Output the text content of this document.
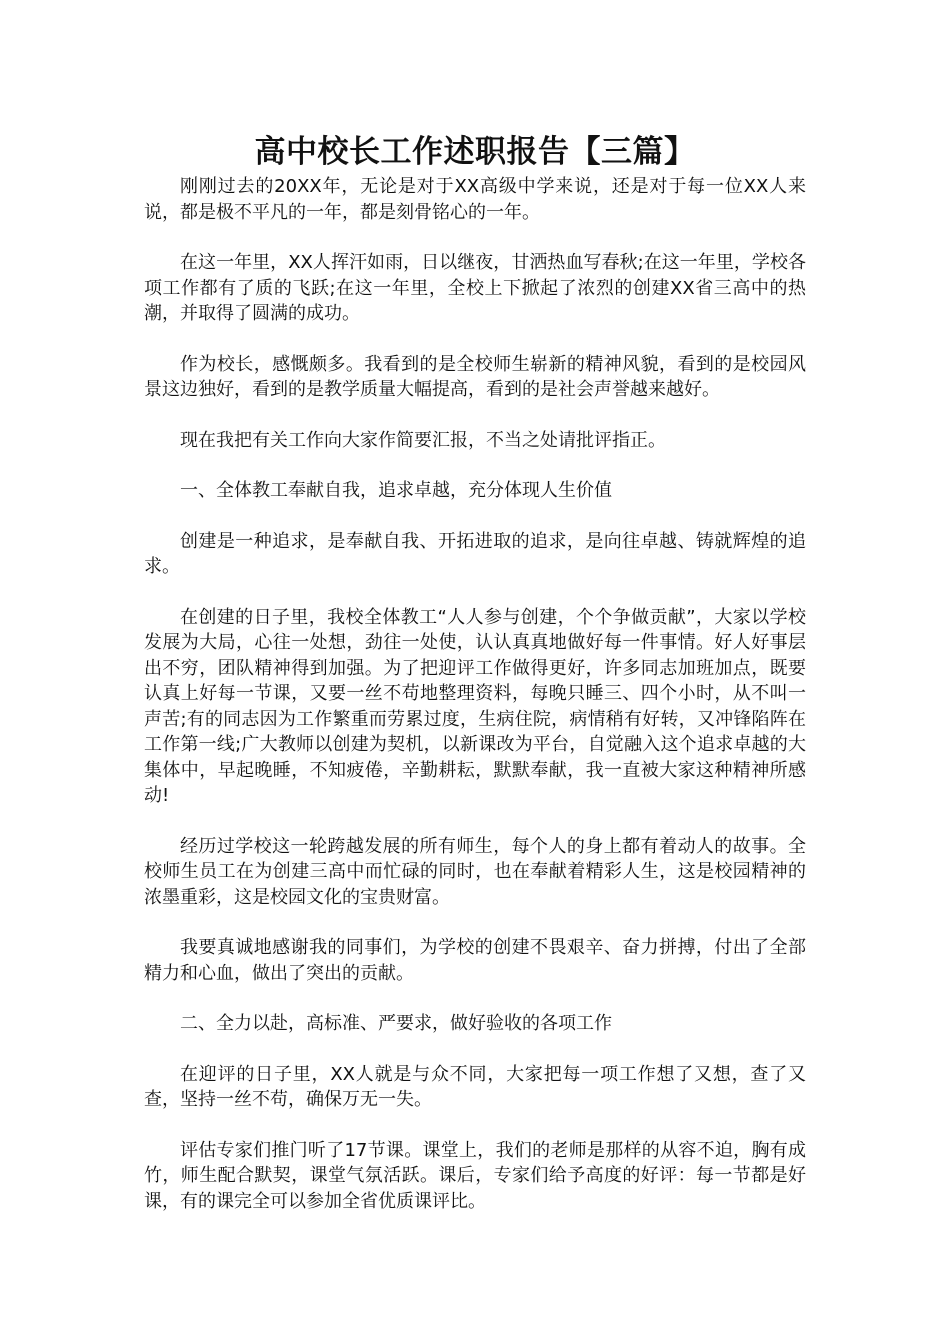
高中校长工作述职报告【三篇】

刚刚过去的20XX年，无论是对于XX高级中学来说，还是对于每一位XX人来说，都是极不平凡的一年，都是刻骨铭心的一年。

在这一年里，XX人挥汗如雨，日以继夜，甘洒热血写春秋;在这一年里，学校各项工作都有了质的飞跃;在这一年里，全校上下掀起了浓烈的创建XX省三高中的热潮，并取得了圆满的成功。

作为校长，感慨颇多。我看到的是全校师生崭新的精神风貌，看到的是校园风景这边独好，看到的是教学质量大幅提高，看到的是社会声誉越来越好。

现在我把有关工作向大家作简要汇报，不当之处请批评指正。

一、全体教工奉献自我，追求卓越，充分体现人生价值

创建是一种追求，是奉献自我、开拓进取的追求，是向往卓越、铸就辉煌的追求。

在创建的日子里，我校全体教工“人人参与创建，个个争做贡献”，大家以学校发展为大局，心往一处想，劲往一处使，认认真真地做好每一件事情。好人好事层出不穷，团队精神得到加强。为了把迎评工作做得更好，许多同志加班加点，既要认真上好每一节课，又要一丝不苟地整理资料，每晚只睡三、四个小时，从不叫一声苦;有的同志因为工作繁重而劳累过度，生病住院，病情稍有好转，又冲锋陷阵在工作第一线;广大教师以创建为契机，以新课改为平台，自觉融入这个追求卓越的大集体中，早起晚睡，不知疲倦，辛勤耕耘，默默奉献，我一直被大家这种精神所感动!

经历过学校这一轮跨越发展的所有师生，每个人的身上都有着动人的故事。全校师生员工在为创建三高中而忙碌的同时，也在奉献着精彩人生，这是校园精神的浓墨重彩，这是校园文化的宝贵财富。

我要真诚地感谢我的同事们，为学校的创建不畏艰辛、奋力拼搏，付出了全部精力和心血，做出了突出的贡献。

二、全力以赴，高标准、严要求，做好验收的各项工作

在迎评的日子里，XX人就是与众不同，大家把每一项工作想了又想，查了又查，坚持一丝不苟，确保万无一失。

评估专家们推门听了17节课。课堂上，我们的老师是那样的从容不迫，胸有成竹，师生配合默契，课堂气氛活跃。课后，专家们给予高度的好评：每一节都是好课，有的课完全可以参加全省优质课评比。
